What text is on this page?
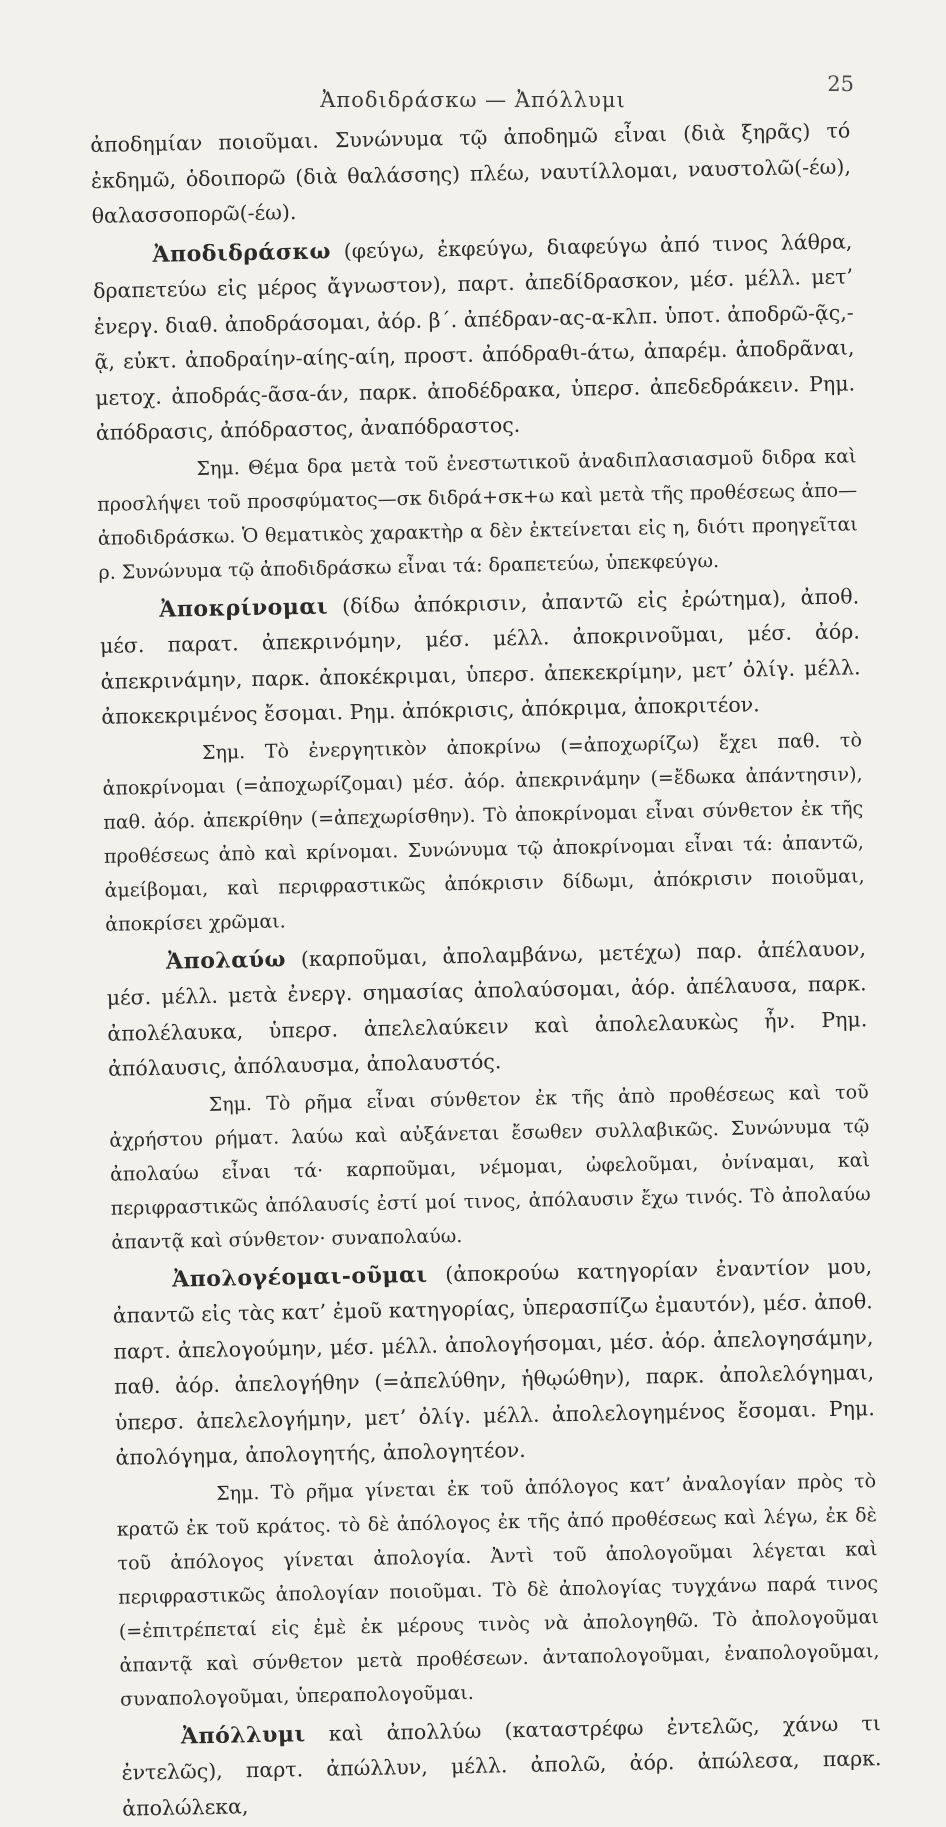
Ἀποδιδράσκω — Ἀπόλλυμι
25

ἀποδημίαν ποιοῦμαι. Συνώνυμα τῷ ἀποδημῶ εἶναι (διὰ ξηρᾶς) τό ἐκδημῶ, ὁδοιπορῶ (διὰ θαλάσσης) πλέω, ναυτίλλομαι, ναυστολῶ(-έω), θαλασσοπορῶ(-έω).

Ἀποδιδράσκω (φεύγω, ἐκφεύγω, διαφεύγω ἀπό τινος λάθρα, δραπετεύω εἰς μέρος ἄγνωστον), παρτ. ἀπεδίδρασκον, μέσ. μέλλ. μετ’ ἐνεργ. διαθ. ἀποδράσομαι, ἀόρ. β΄. ἀπέδραν-ας-α-κλπ. ὑποτ. ἀποδρῶ-ᾷς,-ᾷ, εὐκτ. ἀποδραίην-αίης-αίη, προστ. ἀπόδραθι-άτω, ἀπαρέμ. ἀποδρᾶναι, μετοχ. ἀποδράς-ᾶσα-άν, παρκ. ἀποδέδρακα, ὑπερσ. ἀπεδεδράκειν. Ρημ. ἀπόδρασις, ἀπόδραστος, ἀναπόδραστος.

Σημ. Θέμα δρα μετὰ τοῦ ἐνεστωτικοῦ ἀναδιπλασιασμοῦ διδρα καὶ προσλήψει τοῦ προσφύματος—σκ διδρά+σκ+ω καὶ μετὰ τῆς προθέσεως ἀπο—ἀποδιδράσκω. Ὁ θεματικὸς χαρακτὴρ α δὲν ἐκτείνεται εἰς η, διότι προηγεῖται ρ. Συνώνυμα τῷ ἀποδιδράσκω εἶναι τά: δραπετεύω, ὑπεκφεύγω.

Ἀποκρίνομαι (δίδω ἀπόκρισιν, ἀπαντῶ εἰς ἐρώτημα), ἀποθ. μέσ. παρατ. ἀπεκρινόμην, μέσ. μέλλ. ἀποκρινοῦμαι, μέσ. ἀόρ. ἀπεκρινάμην, παρκ. ἀποκέκριμαι, ὑπερσ. ἀπεκεκρίμην, μετ’ ὀλίγ. μέλλ. ἀποκεκριμένος ἔσομαι. Ρημ. ἀπόκρισις, ἀπόκριμα, ἀποκριτέον.

Σημ. Τὸ ἐνεργητικὸν ἀποκρίνω (=ἀποχωρίζω) ἔχει παθ. τὸ ἀποκρίνομαι (=ἀποχωρίζομαι) μέσ. ἀόρ. ἀπεκρινάμην (=ἔδωκα ἀπάντησιν), παθ. ἀόρ. ἀπεκρίθην (=ἀπεχωρίσθην). Τὸ ἀποκρίνομαι εἶναι σύνθετον ἐκ τῆς προθέσεως ἀπὸ καὶ κρίνομαι. Συνώνυμα τῷ ἀποκρίνομαι εἶναι τά: ἀπαντῶ, ἀμείβομαι, καὶ περιφραστικῶς ἀπόκρισιν δίδωμι, ἀπόκρισιν ποιοῦμαι, ἀποκρίσει χρῶμαι.

Ἀπολαύω (καρποῦμαι, ἀπολαμβάνω, μετέχω) παρ. ἀπέλαυον, μέσ. μέλλ. μετὰ ἐνεργ. σημασίας ἀπολαύσομαι, ἀόρ. ἀπέλαυσα, παρκ. ἀπολέλαυκα, ὑπερσ. ἀπελελαύκειν καὶ ἀπολελαυκὼς ἦν. Ρημ. ἀπόλαυσις, ἀπόλαυσμα, ἀπολαυστός.

Σημ. Τὸ ρῆμα εἶναι σύνθετον ἐκ τῆς ἀπὸ προθέσεως καὶ τοῦ ἀχρήστου ρήματ. λαύω καὶ αὐξάνεται ἔσωθεν συλλαβικῶς. Συνώνυμα τῷ ἀπολαύω εἶναι τά· καρποῦμαι, νέμομαι, ὠφελοῦμαι, ὀνίναμαι, καὶ περιφραστικῶς ἀπόλαυσίς ἐστί μοί τινος, ἀπόλαυσιν ἔχω τινός. Τὸ ἀπολαύω ἀπαντᾷ καὶ σύνθετον· συναπολαύω.

Ἀπολογέομαι-οῦμαι (ἀποκρούω κατηγορίαν ἐναντίον μου, ἀπαντῶ εἰς τὰς κατ’ ἐμοῦ κατηγορίας, ὑπερασπίζω ἐμαυτόν), μέσ. ἀποθ. παρτ. ἀπελογούμην, μέσ. μέλλ. ἀπολογήσομαι, μέσ. ἀόρ. ἀπελογησάμην, παθ. ἀόρ. ἀπελογήθην (=ἀπελύθην, ἡθῳώθην), παρκ. ἀπολελόγημαι, ὑπερσ. ἀπελελογήμην, μετ’ ὀλίγ. μέλλ. ἀπολελογημένος ἔσομαι. Ρημ. ἀπολόγημα, ἀπολογητής, ἀπολογητέον.

Σημ. Τὸ ρῆμα γίνεται ἐκ τοῦ ἀπόλογος κατ’ ἀναλογίαν πρὸς τὸ κρατῶ ἐκ τοῦ κράτος. τὸ δὲ ἀπόλογος ἐκ τῆς ἀπό προθέσεως καὶ λέγω, ἐκ δὲ τοῦ ἀπόλογος γίνεται ἀπολογία. Ἀντὶ τοῦ ἀπολογοῦμαι λέγεται καὶ περιφραστικῶς ἀπολογίαν ποιοῦμαι. Τὸ δὲ ἀπολογίας τυγχάνω παρά τινος (=ἐπιτρέπεταί εἰς ἐμὲ ἐκ μέρους τινὸς νὰ ἀπολογηθῶ. Τὸ ἀπολογοῦμαι ἀπαντᾷ καὶ σύνθετον μετὰ προθέσεων. ἀνταπολογοῦμαι, ἐναπολογοῦμαι, συναπολογοῦμαι, ὑπεραπολογοῦμαι.

Ἀπόλλυμι καὶ ἀπολλύω (καταστρέφω ἐντελῶς, χάνω τι ἐντελῶς), παρτ. ἀπώλλυν, μέλλ. ἀπολῶ, ἀόρ. ἀπώλεσα, παρκ. ἀπολώλεκα,
